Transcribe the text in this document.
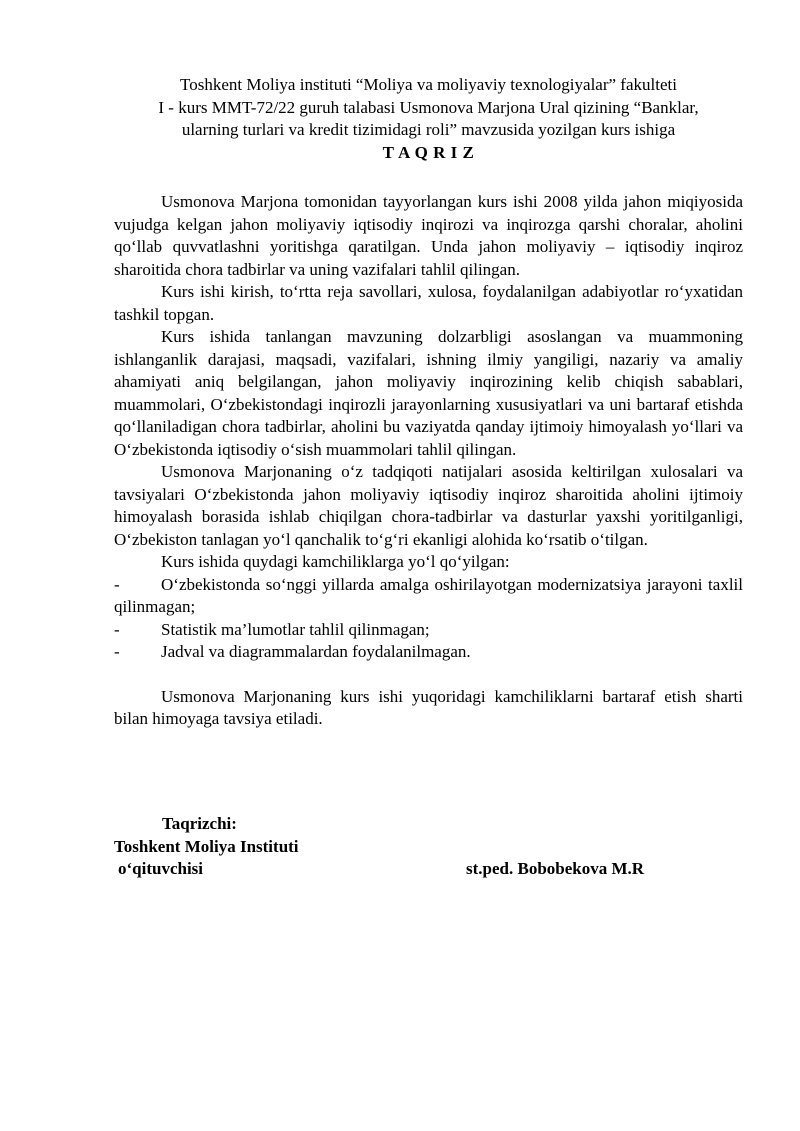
Toshkent Moliya instituti “Moliya va moliyaviy texnologiyalar” fakulteti
I - kurs MMT-72/22 guruh talabasi Usmonova Marjona Ural qizining “Banklar,
ularning turlari va kredit tizimidagi roli” mavzusida yozilgan kurs ishiga
T A Q R I Z

Usmonova Marjona tomonidan tayyorlangan kurs ishi 2008 yilda jahon miqiyosida vujudga kelgan jahon moliyaviy iqtisodiy inqirozi va inqirozga qarshi choralar, aholini qo‘llab quvvatlashni yoritishga qaratilgan. Unda jahon moliyaviy – iqtisodiy inqiroz sharoitida chora tadbirlar va uning vazifalari tahlil qilingan.

Kurs ishi kirish, to‘rtta reja savollari, xulosa, foydalanilgan adabiyotlar ro‘yxatidan tashkil topgan.

Kurs ishida tanlangan mavzuning dolzarbligi asoslangan va muammoning ishlanganlik darajasi, maqsadi, vazifalari, ishning ilmiy yangiligi, nazariy va amaliy ahamiyati aniq belgilangan, jahon moliyaviy inqirozining kelib chiqish sabablari, muammolari, O‘zbekistondagi inqirozli jarayonlarning xususiyatlari va uni bartaraf etishda qo‘llaniladigan chora tadbirlar, aholini bu vaziyatda qanday ijtimoiy himoyalash yo‘llari va O‘zbekistonda iqtisodiy o‘sish muammolari tahlil qilingan.

Usmonova Marjonaning o‘z tadqiqoti natijalari asosida keltirilgan xulosalari va tavsiyalari O‘zbekistonda jahon moliyaviy iqtisodiy inqiroz sharoitida aholini ijtimoiy himoyalash borasida ishlab chiqilgan chora-tadbirlar va dasturlar yaxshi yoritilganligi, O‘zbekiston tanlagan yo‘l qanchalik to‘g‘ri ekanligi alohida ko‘rsatib o‘tilgan.

Kurs ishida quydagi kamchiliklarga yo‘l qo‘yilgan:

- O‘zbekistonda so‘nggi yillarda amalga oshirilayotgan modernizatsiya jarayoni taxlil qilinmagan;
-	Statistik ma’lumotlar tahlil qilinmagan;
-	Jadval va diagrammalardan foydalanilmagan.

Usmonova Marjonaning kurs ishi yuqoridagi kamchiliklarni bartaraf etish sharti bilan himoyaga tavsiya etiladi.

Taqrizchi:
Toshkent Moliya Instituti
o‘qituvchisi	st.ped. Bobobekova M.R
